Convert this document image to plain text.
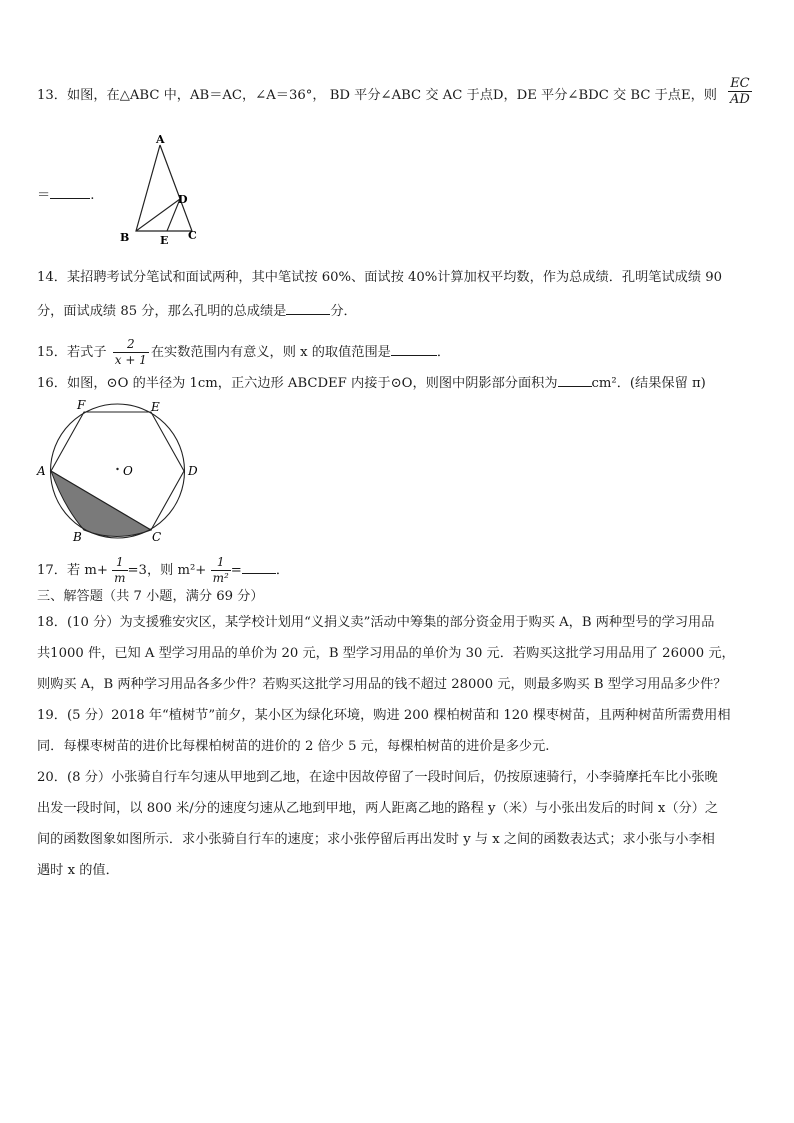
13．如图，在△ABC 中，AB＝AC，∠A＝36°， BD 平分∠ABC 交 AC 于点D，DE 平分∠BDC 交 BC 于点E，则 $\frac{EC}{AD}$
＝	.
A
B	C
D
E
14．某招聘考试分笔试和面试两种，其中笔试按 60%、面试按 40%计算加权平均数，作为总成绩．孔明笔试成绩 90
分，面试成绩 85 分，那么孔明的总成绩是	分．
15．若式子 $\frac{2}{x + 1}$ 在实数范围内有意义，则 x 的取值范围是	．
16．如图，⊙O 的半径为 1cm，正六边形 ABCDEF 内接于⊙O，则图中阴影部分面积为	cm²．(结果保留 π)
O
A
B	C
D
E
F
17．若 $m+ \frac{1}{m} =3$，则 $m^2+ \frac{1}{\text{m²}}$ =	．
三、解答题（共 7 小题，满分 69 分）
18．(10 分）为支援雅安灾区，某学校计划用“义捐义卖”活动中筹集的部分资金用于购买 A，B 两种型号的学习用品
共1000 件，已知 A 型学习用品的单价为 20 元，B 型学习用品的单价为 30 元．若购买这批学习用品用了 26000 元，
则购买 A，B 两种学习用品各多少件？若购买这批学习用品的钱不超过 28000 元，则最多购买 B 型学习用品多少件？
19．(5 分）2018 年“植树节”前夕，某小区为绿化环境，购进 200 棵柏树苗和 120 棵枣树苗，且两种树苗所需费用相
同．每棵枣树苗的进价比每棵柏树苗的进价的 2 倍少 5 元，每棵柏树苗的进价是多少元.
20．(8 分）小张骑自行车匀速从甲地到乙地，在途中因故停留了一段时间后，仍按原速骑行，小李骑摩托车比小张晚
出发一段时间，以 800 米/分的速度匀速从乙地到甲地，两人距离乙地的路程 y（米）与小张出发后的时间 x（分）之
间的函数图象如图所示．求小张骑自行车的速度；求小张停留后再出发时 y 与 x 之间的函数表达式；求小张与小李相
遇时 x 的值．
